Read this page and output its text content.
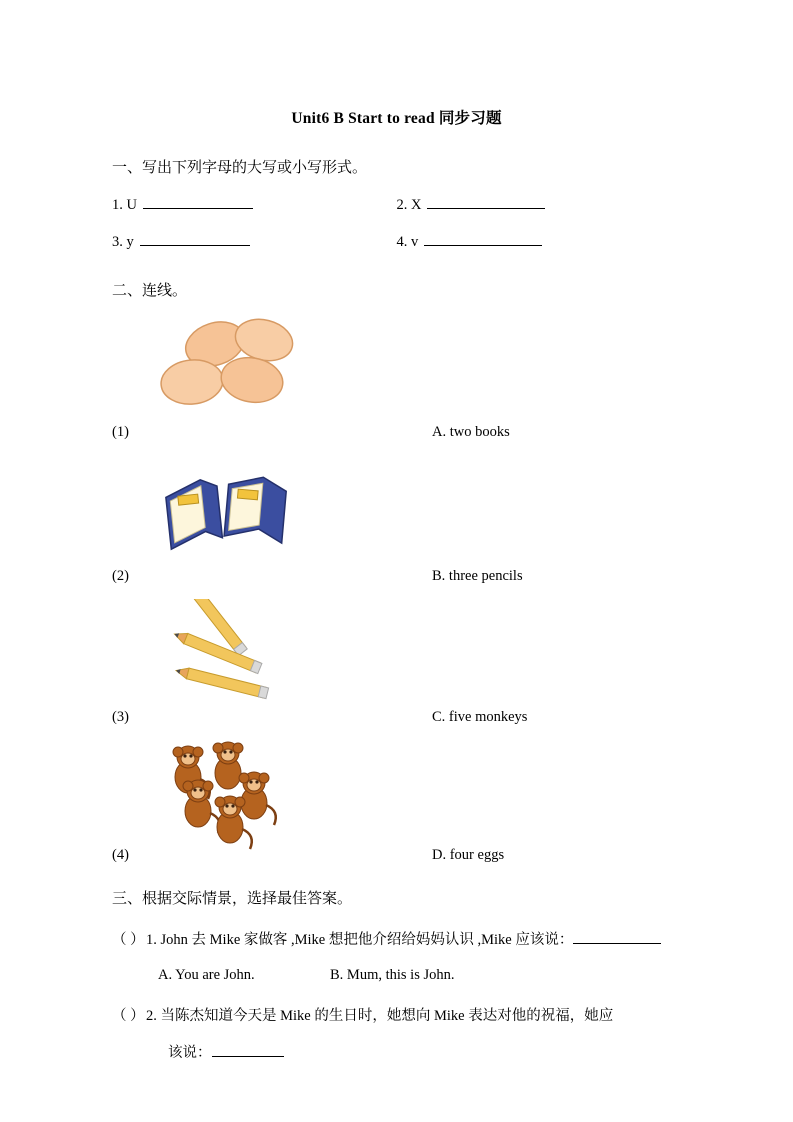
Unit6 B Start to read 同步习题
一、写出下列字母的大写或小写形式。
1. U	2. X
3. y	4. v
二、连线。
(1)	A. two books
(2)	B. three pencils
(3)	C. five monkeys
(4)	D. four eggs
三、根据交际情景，选择最佳答案。
（ ）1. John 去 Mike 家做客 ,Mike 想把他介绍给妈妈认识 ,Mike 应该说：
A. You are John.	B. Mum, this is John.
（ ）2. 当陈杰知道今天是 Mike 的生日时，她想向 Mike 表达对他的祝福，她应
该说：
